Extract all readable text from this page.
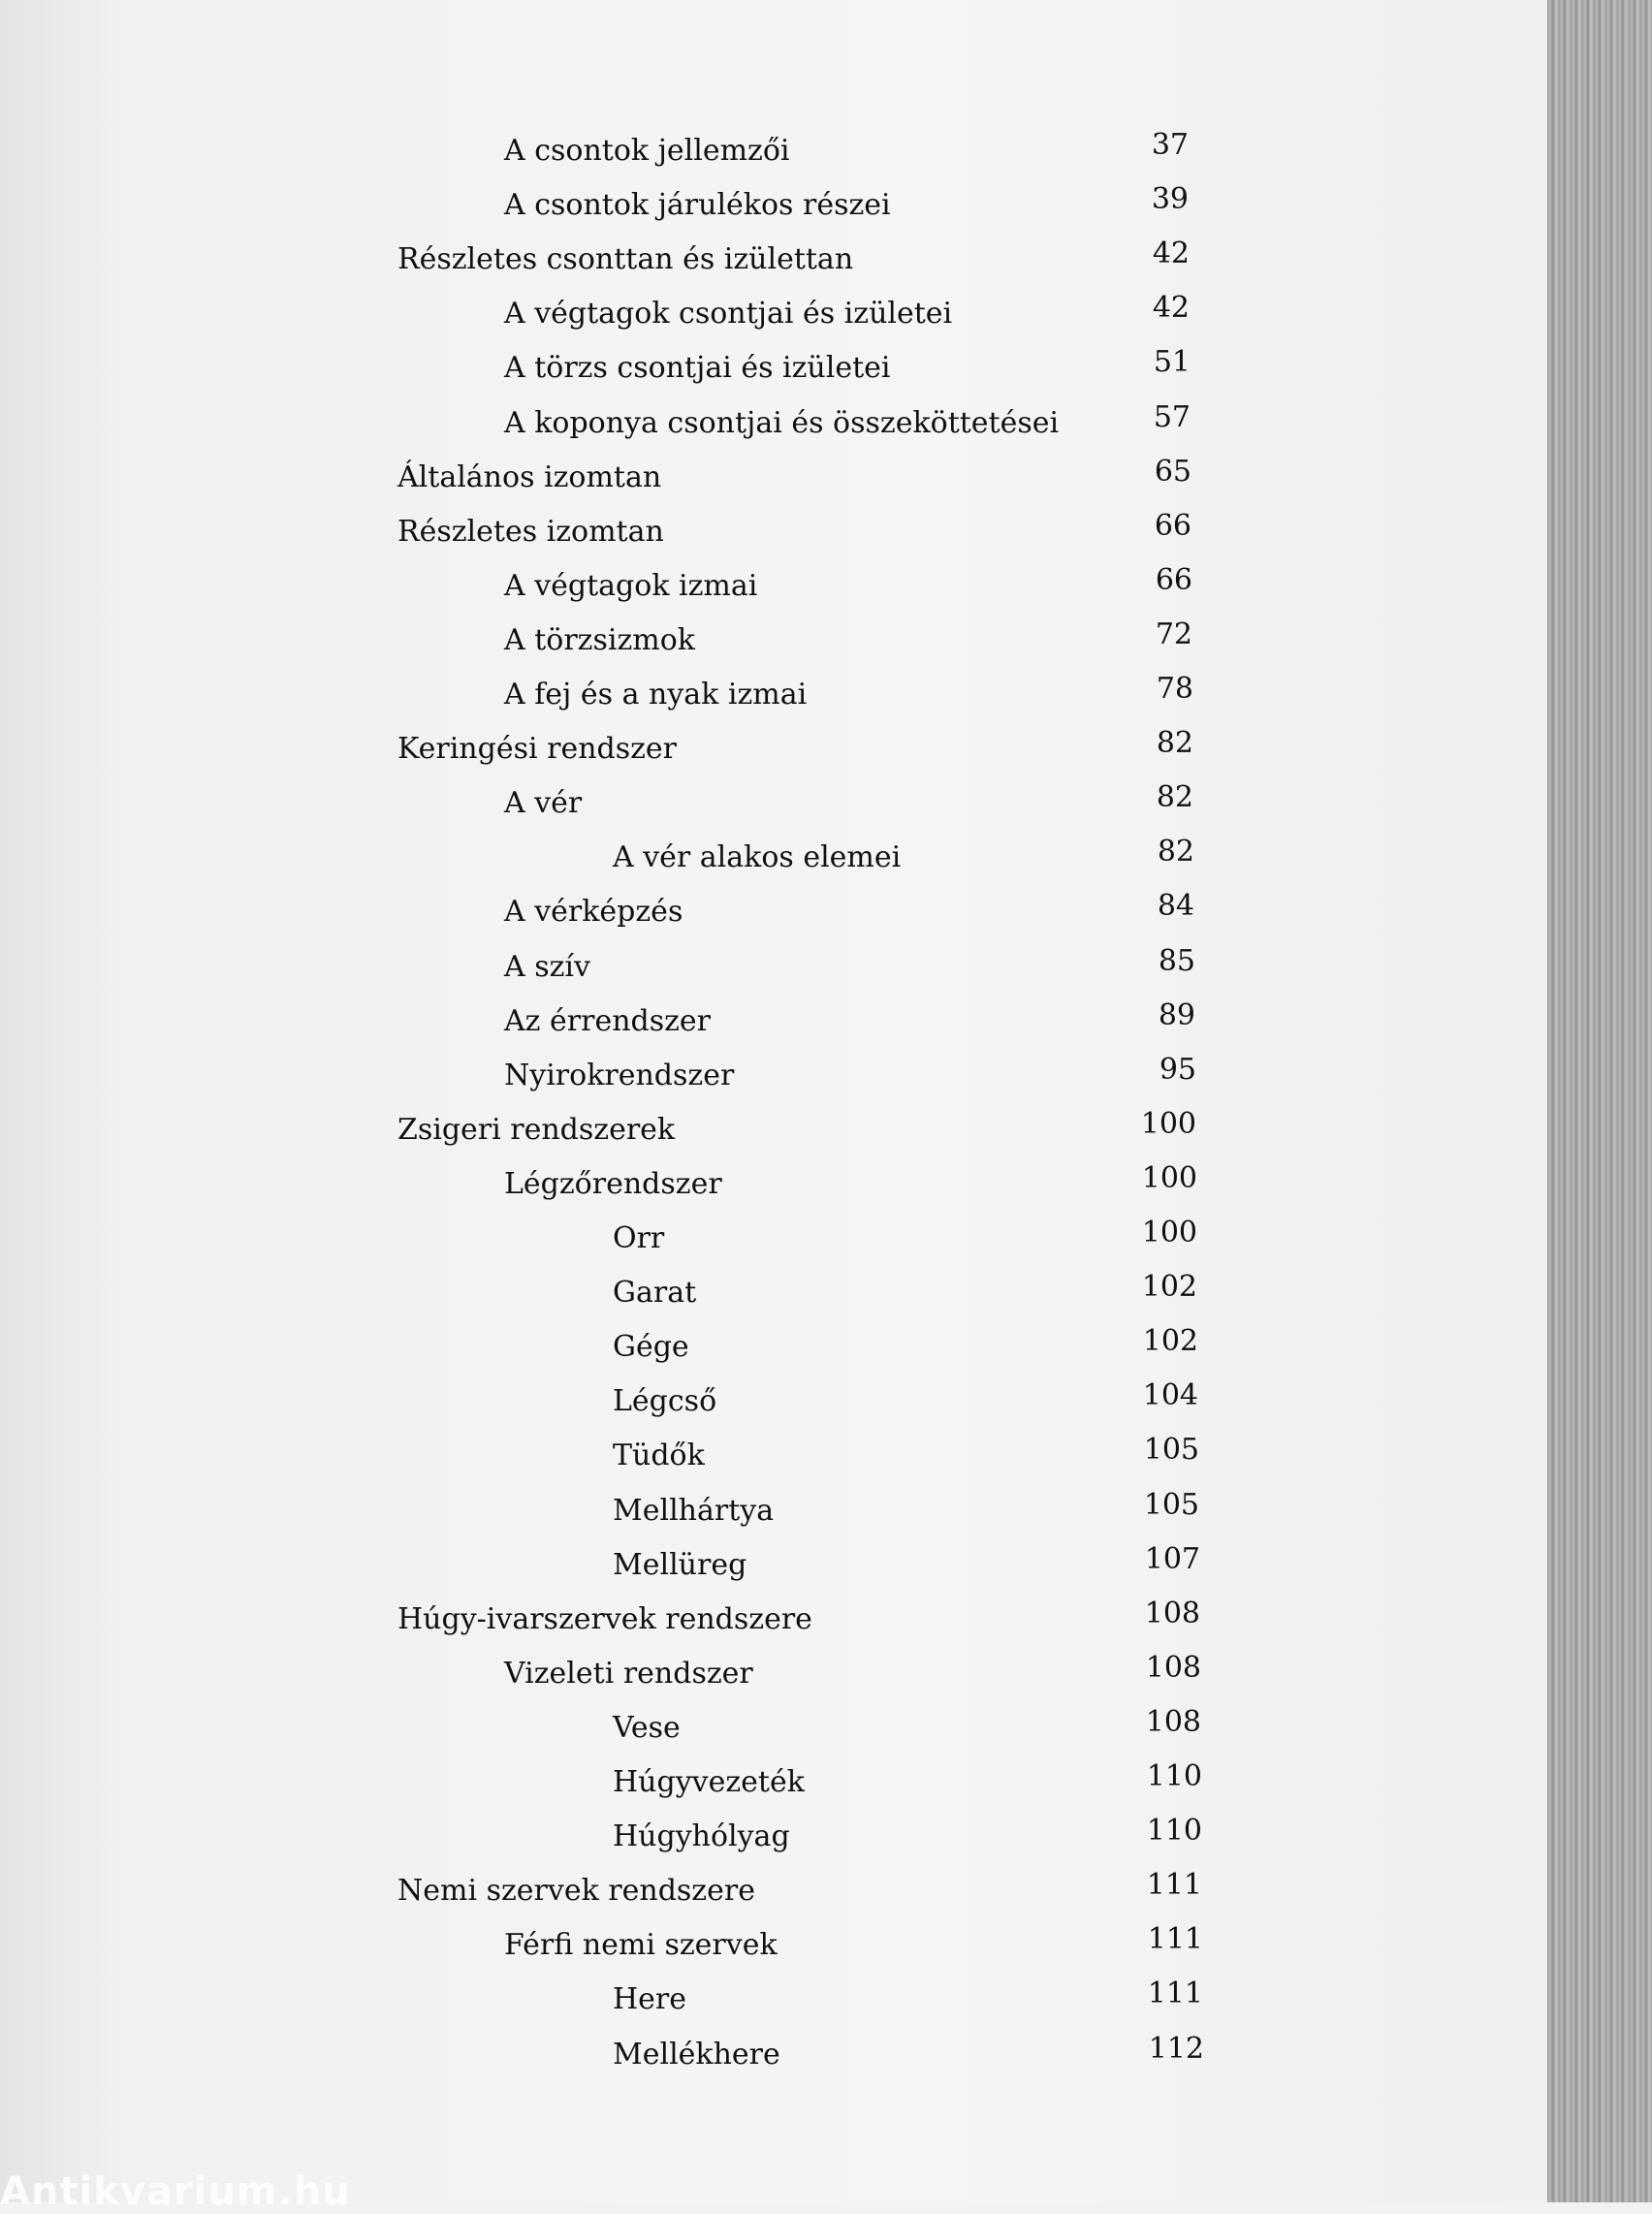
A csontok jellemzői	37
A csontok járulékos részei	39
Részletes csonttan és izülettan	42
A végtagok csontjai és izületei	42
A törzs csontjai és izületei	51
A koponya csontjai és összeköttetései	57
Általános izomtan	65
Részletes izomtan	66
A végtagok izmai	66
A törzsizmok	72
A fej és a nyak izmai	78
Keringési rendszer	82
A vér	82
A vér alakos elemei	82
A vérképzés	84
A szív	85
Az érrendszer	89
Nyirokrendszer	95
Zsigeri rendszerek	100
Légzőrendszer	100
Orr	100
Garat	102
Gége	102
Légcső	104
Tüdők	105
Mellhártya	105
Mellüreg	107
Húgy-ivarszervek rendszere	108
Vizeleti rendszer	108
Vese	108
Húgyvezeték	110
Húgyhólyag	110
Nemi szervek rendszere	111
Férfi nemi szervek	111
Here	111
Mellékhere	112
Antikvarium.hu
